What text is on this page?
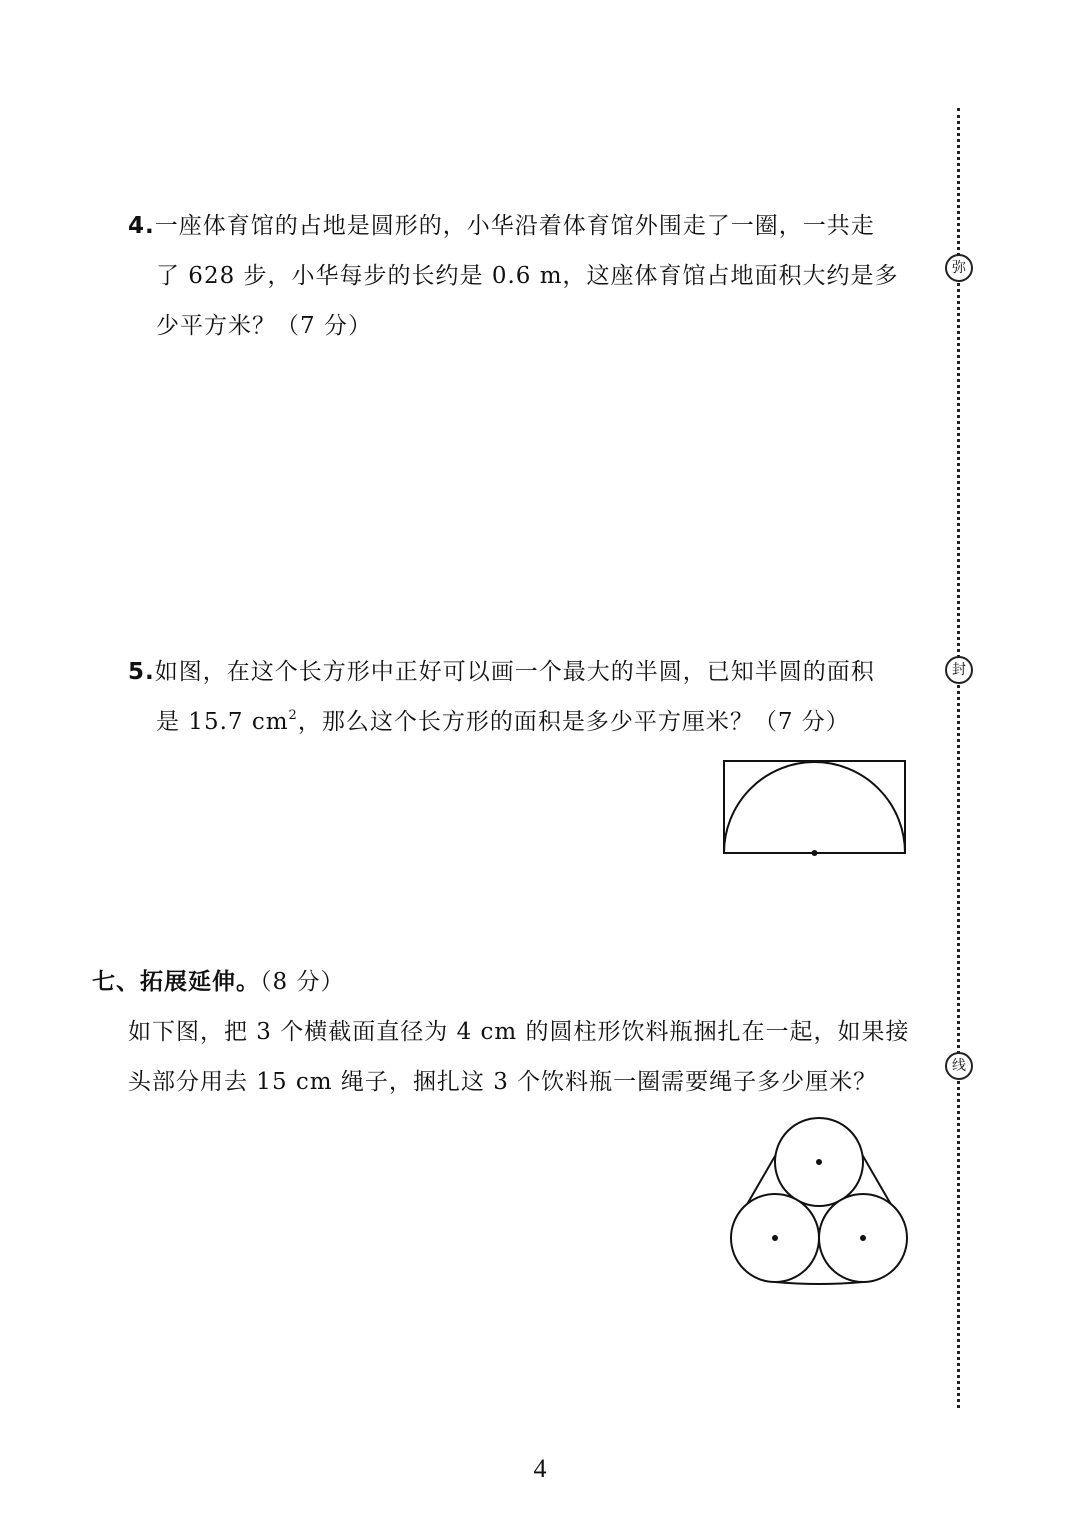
弥
封
线
4.一座体育馆的占地是圆形的，小华沿着体育馆外围走了一圈，一共走
了 628 步，小华每步的长约是 0.6 m，这座体育馆占地面积大约是多
少平方米？（7 分）
5.如图，在这个长方形中正好可以画一个最大的半圆，已知半圆的面积
是 15.7 $cm^2$，那么这个长方形的面积是多少平方厘米？（7 分）
七、拓展延伸。（8 分）
如下图，把 3 个横截面直径为 4 cm 的圆柱形饮料瓶捆扎在一起，如果接
头部分用去 15 cm 绳子，捆扎这 3 个饮料瓶一圈需要绳子多少厘米？
4
